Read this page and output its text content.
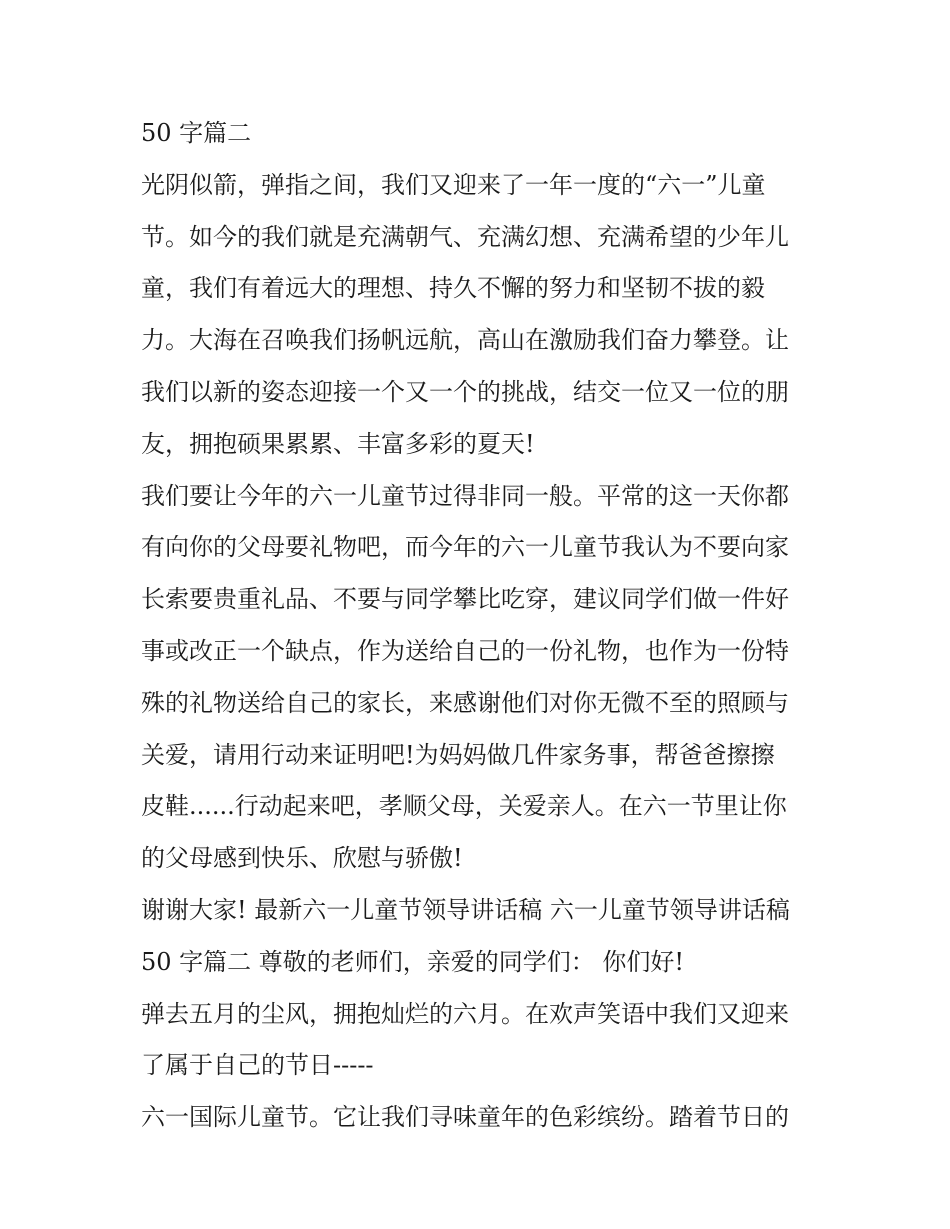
50 字篇二
光阴似箭，弹指之间，我们又迎来了一年一度的“六一”儿童
节。如今的我们就是充满朝气、充满幻想、充满希望的少年儿
童，我们有着远大的理想、持久不懈的努力和坚韧不拔的毅
力。大海在召唤我们扬帆远航，高山在激励我们奋力攀登。让
我们以新的姿态迎接一个又一个的挑战，结交一位又一位的朋
友，拥抱硕果累累、丰富多彩的夏天!
我们要让今年的六一儿童节过得非同一般。平常的这一天你都
有向你的父母要礼物吧，而今年的六一儿童节我认为不要向家
长索要贵重礼品、不要与同学攀比吃穿，建议同学们做一件好
事或改正一个缺点，作为送给自己的一份礼物，也作为一份特
殊的礼物送给自己的家长，来感谢他们对你无微不至的照顾与
关爱，请用行动来证明吧!为妈妈做几件家务事，帮爸爸擦擦
皮鞋......行动起来吧，孝顺父母，关爱亲人。在六一节里让你
的父母感到快乐、欣慰与骄傲!
谢谢大家! 最新六一儿童节领导讲话稿 六一儿童节领导讲话稿
50 字篇二 尊敬的老师们，亲爱的同学们： 你们好!
弹去五月的尘风，拥抱灿烂的六月。在欢声笑语中我们又迎来
了属于自己的节日-----
六一国际儿童节。它让我们寻味童年的色彩缤纷。踏着节日的
